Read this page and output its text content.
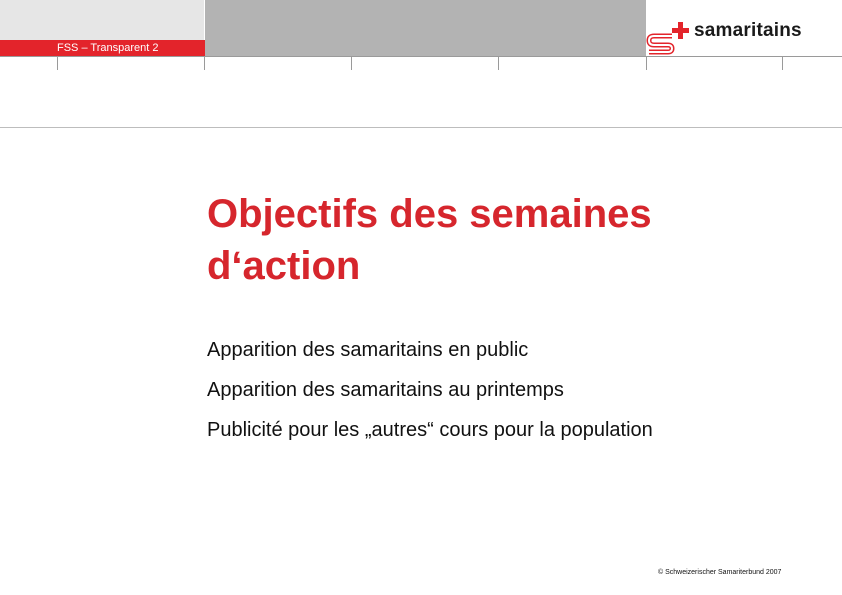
FSS – Transparent 2
samaritains
Objectifs des semaines d‘action
Apparition des samaritains en public
Apparition des samaritains au printemps
Publicité pour les „autres“ cours pour la population
© Schweizerischer Samariterbund 2007
